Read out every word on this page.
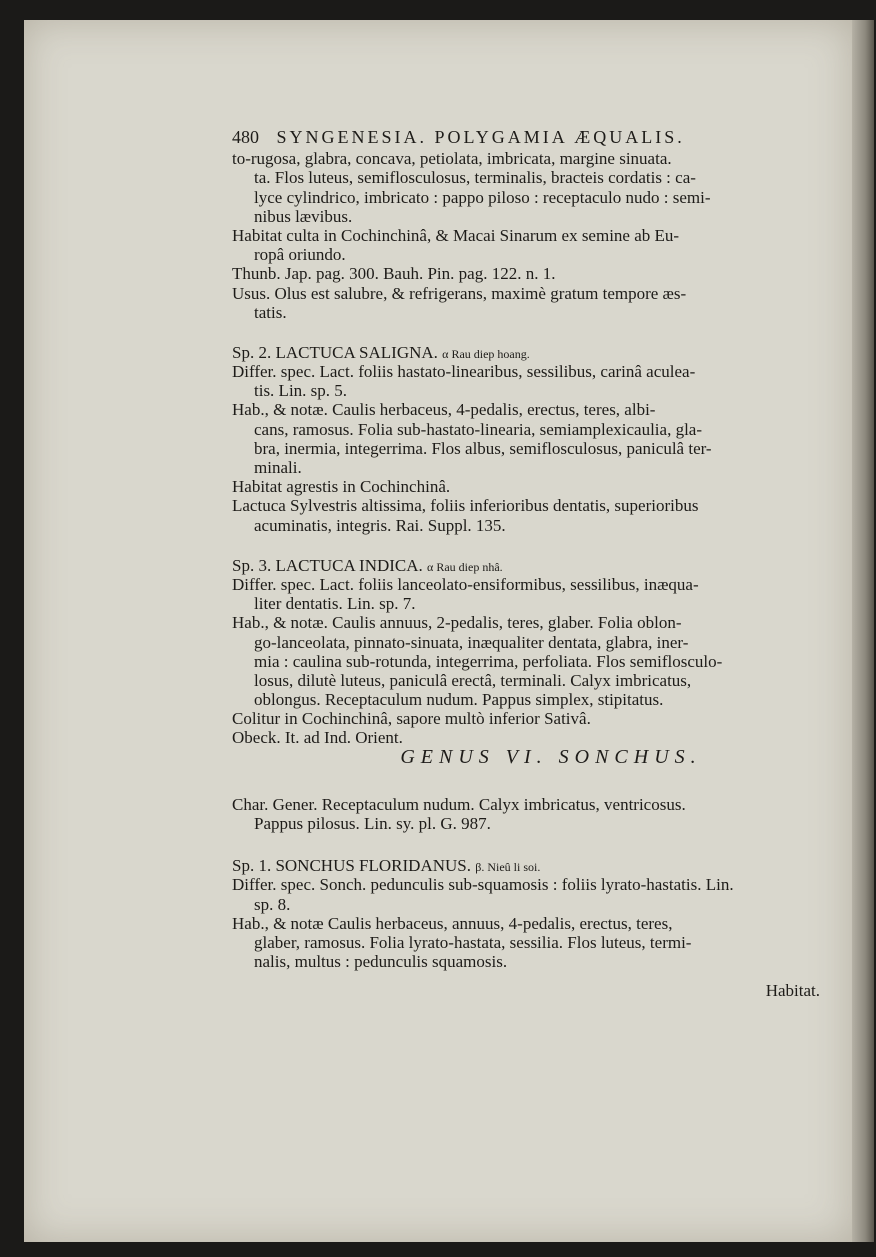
480 SYNGENESIA. POLYGAMIA ÆQUALIS.
to-rugosa, glabra, concava, petiolata, imbricata, margine sinuata.
ta. Flos luteus, semiflosculosus, terminalis, bracteis cordatis : ca-
lyce cylindrico, imbricato : pappo piloso : receptaculo nudo : semi-
nibus lævibus.
Habitat culta in Cochinchinâ, & Macai Sinarum ex semine ab Eu-
ropâ oriundo.
Thunb. Jap. pag. 300. Bauh. Pin. pag. 122. n. 1.
Usus. Olus est salubre, & refrigerans, maximè gratum tempore æs-
tatis.
Sp. 2. LACTUCA SALIGNA. α Rau diep hoang.
Differ. spec. Lact. foliis hastato-linearibus, sessilibus, carinâ aculea-
tis. Lin. sp. 5.
Hab., & notæ. Caulis herbaceus, 4-pedalis, erectus, teres, albi-
cans, ramosus. Folia sub-hastato-linearia, semiamplexicaulia, gla-
bra, inermia, integerrima. Flos albus, semiflosculosus, paniculâ ter-
minali.
Habitat agrestis in Cochinchinâ.
Lactuca Sylvestris altissima, foliis inferioribus dentatis, superioribus
acuminatis, integris. Rai. Suppl. 135.
Sp. 3. LACTUCA INDICA. α Rau diep nhâ.
Differ. spec. Lact. foliis lanceolato-ensiformibus, sessilibus, inæqua-
liter dentatis. Lin. sp. 7.
Hab., & notæ. Caulis annuus, 2-pedalis, teres, glaber. Folia oblon-
go-lanceolata, pinnato-sinuata, inæqualiter dentata, glabra, iner-
mia : caulina sub-rotunda, integerrima, perfoliata. Flos semiflosculo-
losus, dilutè luteus, paniculâ erectâ, terminali. Calyx imbricatus,
oblongus. Receptaculum nudum. Pappus simplex, stipitatus.
Colitur in Cochinchinâ, sapore multò inferior Sativâ.
Obeck. It. ad Ind. Orient.
GENUS VI. SONCHUS.
Char. Gener. Receptaculum nudum. Calyx imbricatus, ventricosus.
Pappus pilosus. Lin. sy. pl. G. 987.
Sp. 1. SONCHUS FLORIDANUS. β. Nieû li soi.
Differ. spec. Sonch. pedunculis sub-squamosis : foliis lyrato-hastatis. Lin.
sp. 8.
Hab., & notæ Caulis herbaceus, annuus, 4-pedalis, erectus, teres,
glaber, ramosus. Folia lyrato-hastata, sessilia. Flos luteus, termi-
nalis, multus : pedunculis squamosis.
Habitat.
